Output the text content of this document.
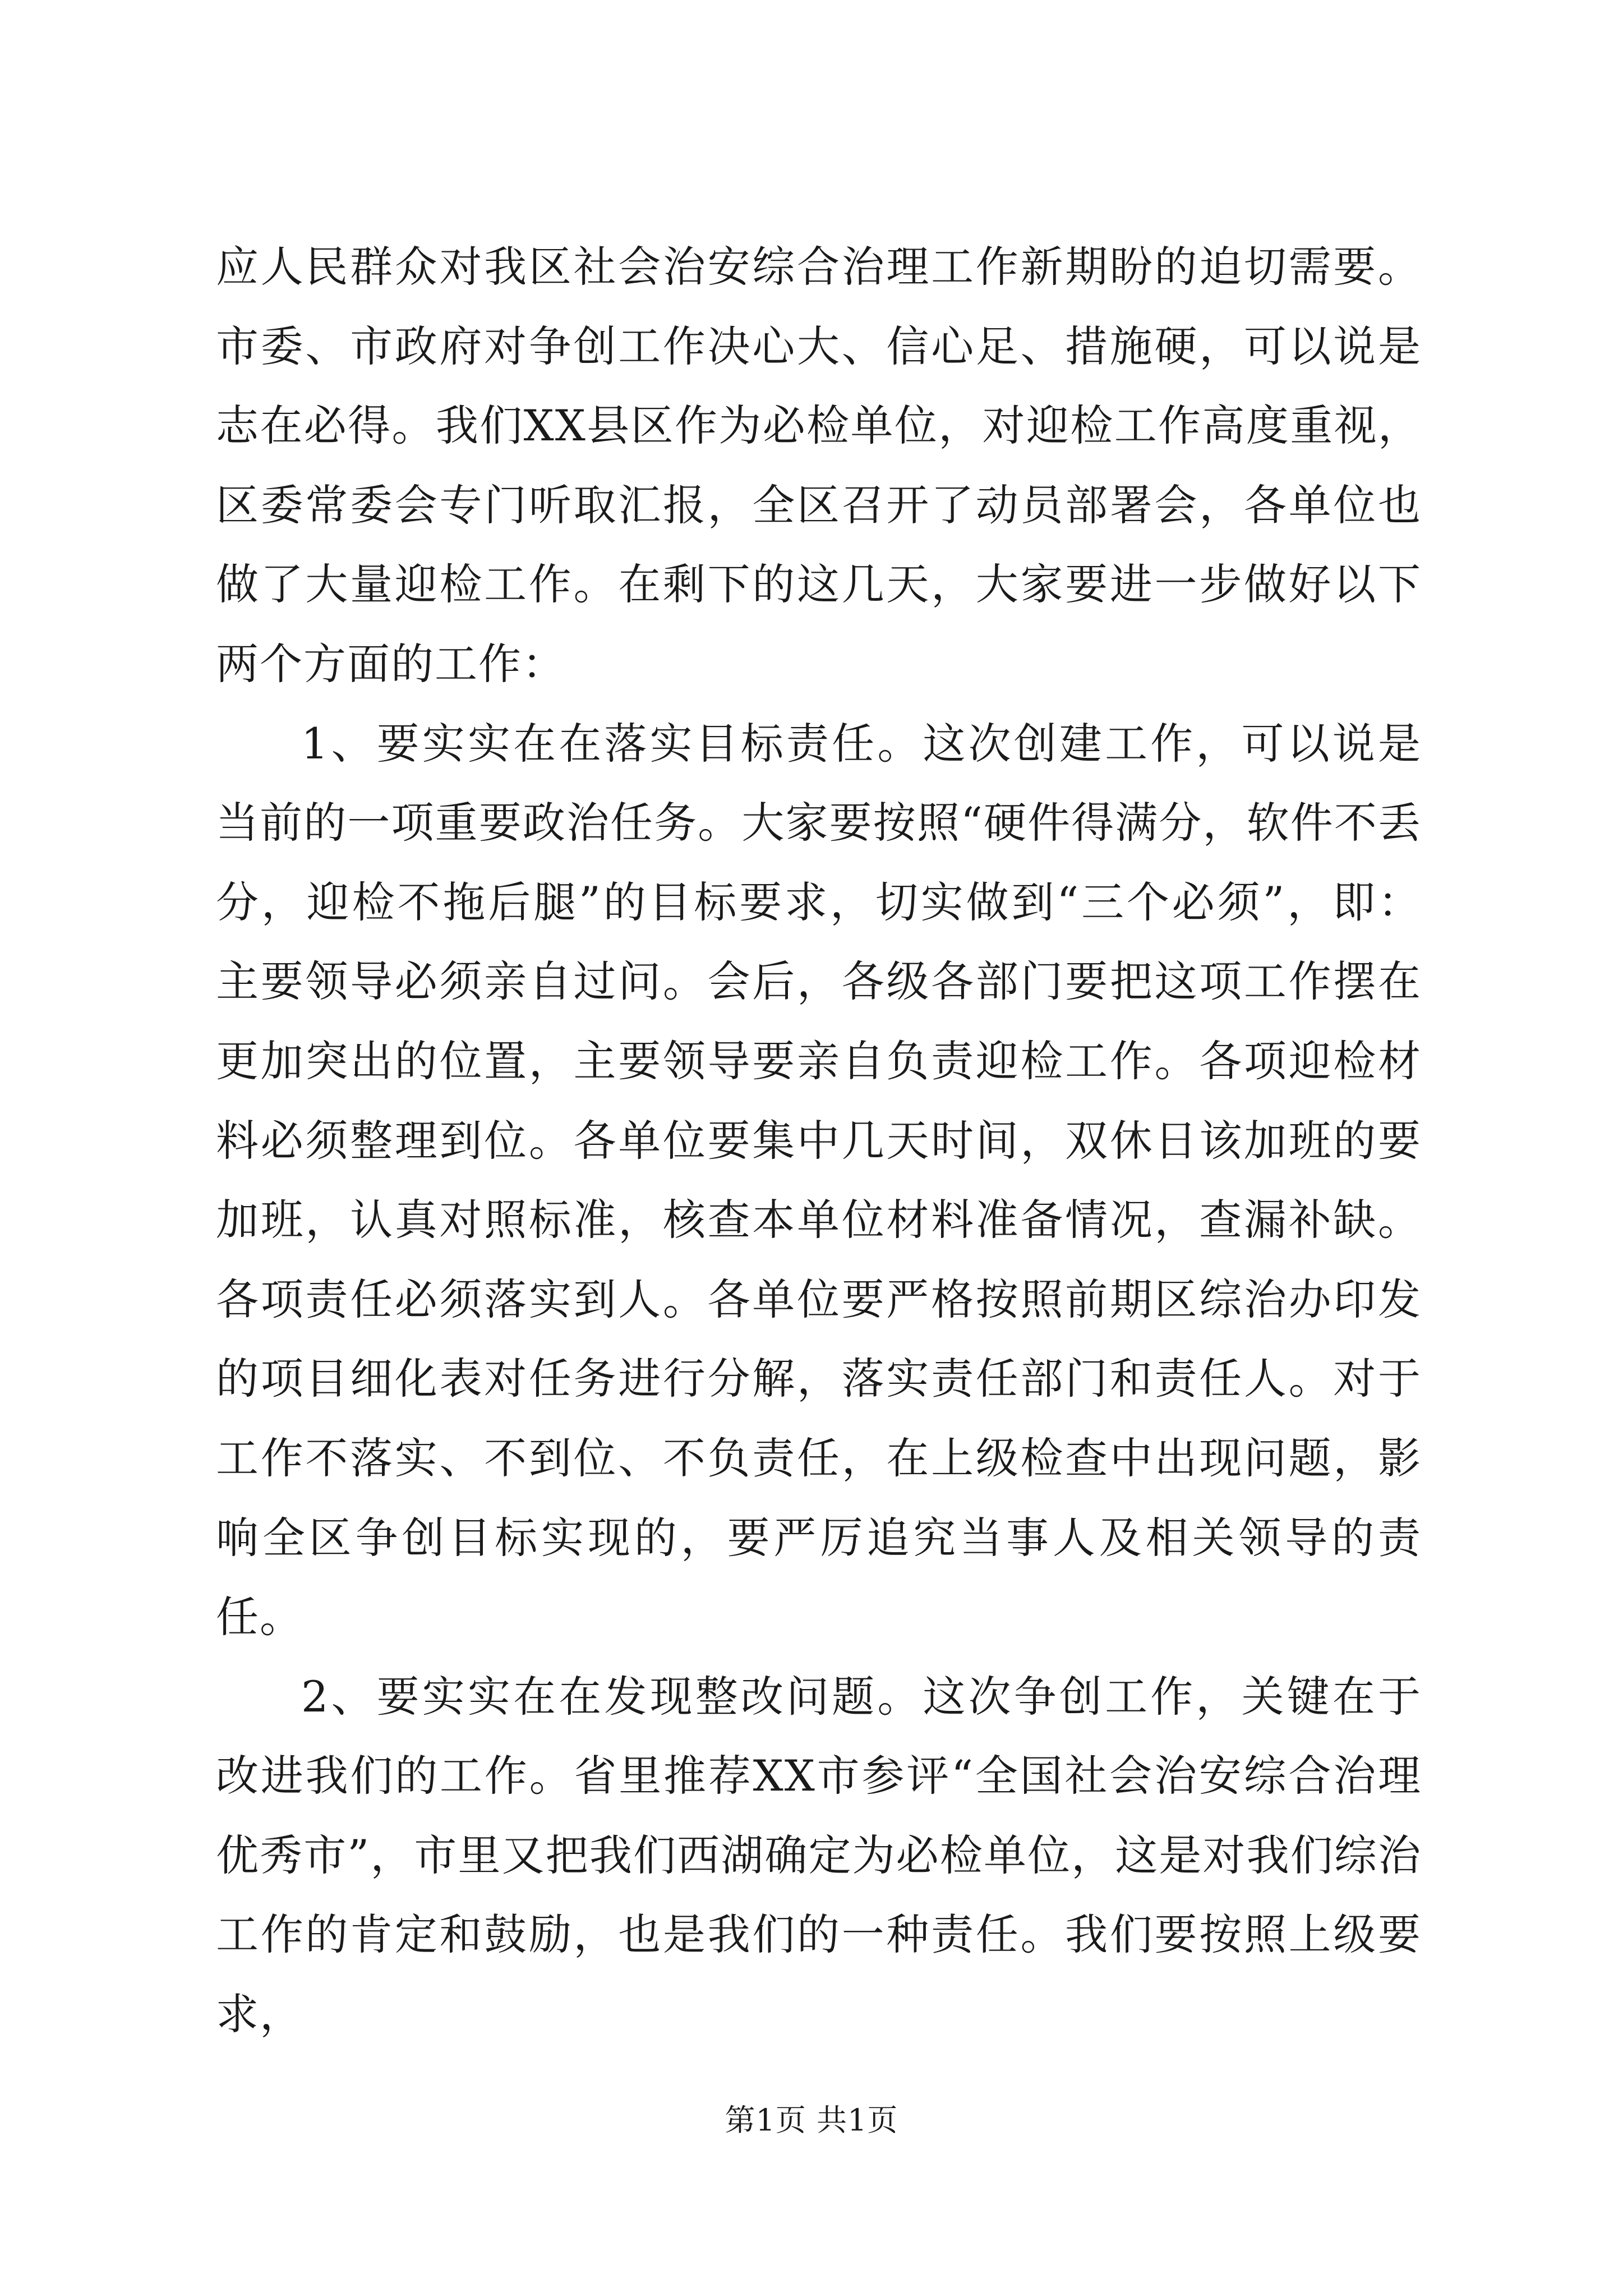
应人民群众对我区社会治安综合治理工作新期盼的迫切需要。市委、市政府对争创工作决心大、信心足、措施硬，可以说是志在必得。我们XX县区作为必检单位，对迎检工作高度重视，区委常委会专门听取汇报，全区召开了动员部署会，各单位也做了大量迎检工作。在剩下的这几天，大家要进一步做好以下两个方面的工作：

1、要实实在在落实目标责任。这次创建工作，可以说是当前的一项重要政治任务。大家要按照“硬件得满分，软件不丢分，迎检不拖后腿”的目标要求，切实做到“三个必须”，即：主要领导必须亲自过问。会后，各级各部门要把这项工作摆在更加突出的位置，主要领导要亲自负责迎检工作。各项迎检材料必须整理到位。各单位要集中几天时间，双休日该加班的要加班，认真对照标准，核查本单位材料准备情况，查漏补缺。各项责任必须落实到人。各单位要严格按照前期区综治办印发的项目细化表对任务进行分解，落实责任部门和责任人。对于工作不落实、不到位、不负责任，在上级检查中出现问题，影响全区争创目标实现的，要严厉追究当事人及相关领导的责任。

2、要实实在在发现整改问题。这次争创工作，关键在于改进我们的工作。省里推荐XX市参评“全国社会治安综合治理优秀市”，市里又把我们西湖确定为必检单位，这是对我们综治工作的肯定和鼓励，也是我们的一种责任。我们要按照上级要求，

第1页 共1页
